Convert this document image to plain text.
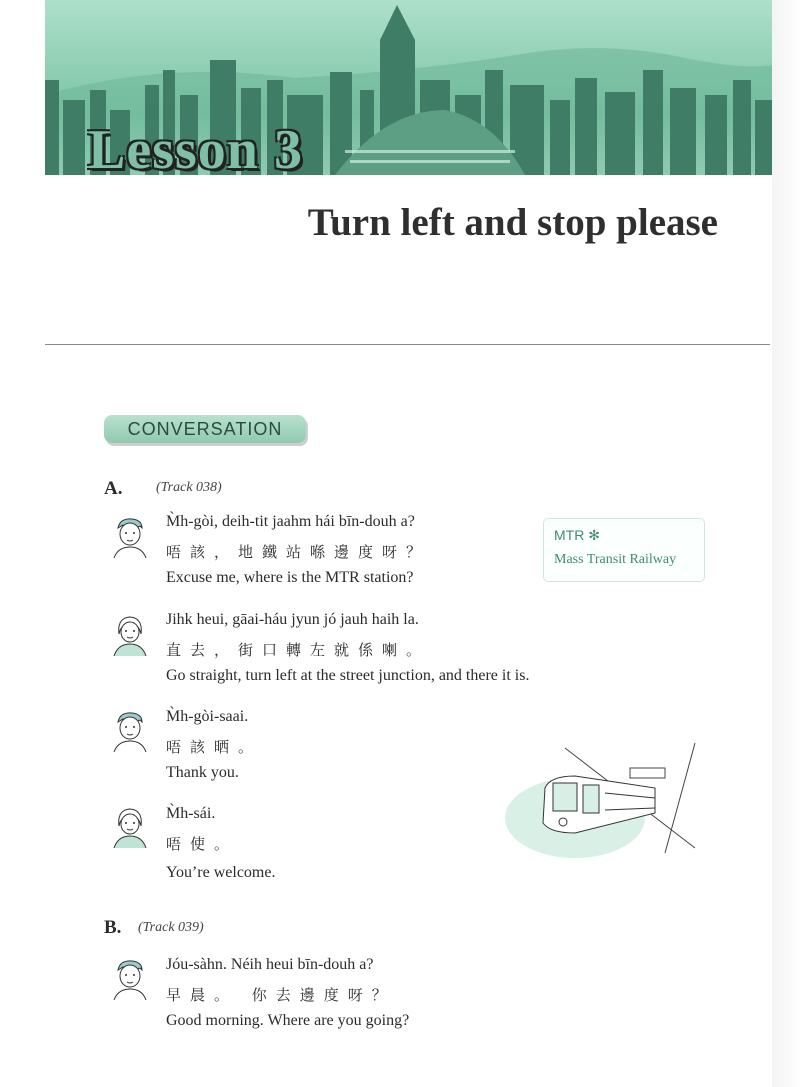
Lesson 3
Turn left and stop please
CONVERSATION
A. (Track 038)
M̀h-gòi, deih-tit jaahm hái bīn-douh a?
唔該，地鐵站喺邊度呀？
Excuse me, where is the MTR station?
Jihk heui, gāai-háu jyun jó jauh haih la.
直去，街口轉左就係喇。
Go straight, turn left at the street junction, and there it is.
M̀h-gòi-saai.
唔該晒。
Thank you.
M̀h-sái.
唔使。
You’re welcome.
MTR ✻
Mass Transit Railway
B. (Track 039)
Jóu-sàhn. Néih heui bīn-douh a?
早晨。 你去邊度呀？
Good morning. Where are you going?
